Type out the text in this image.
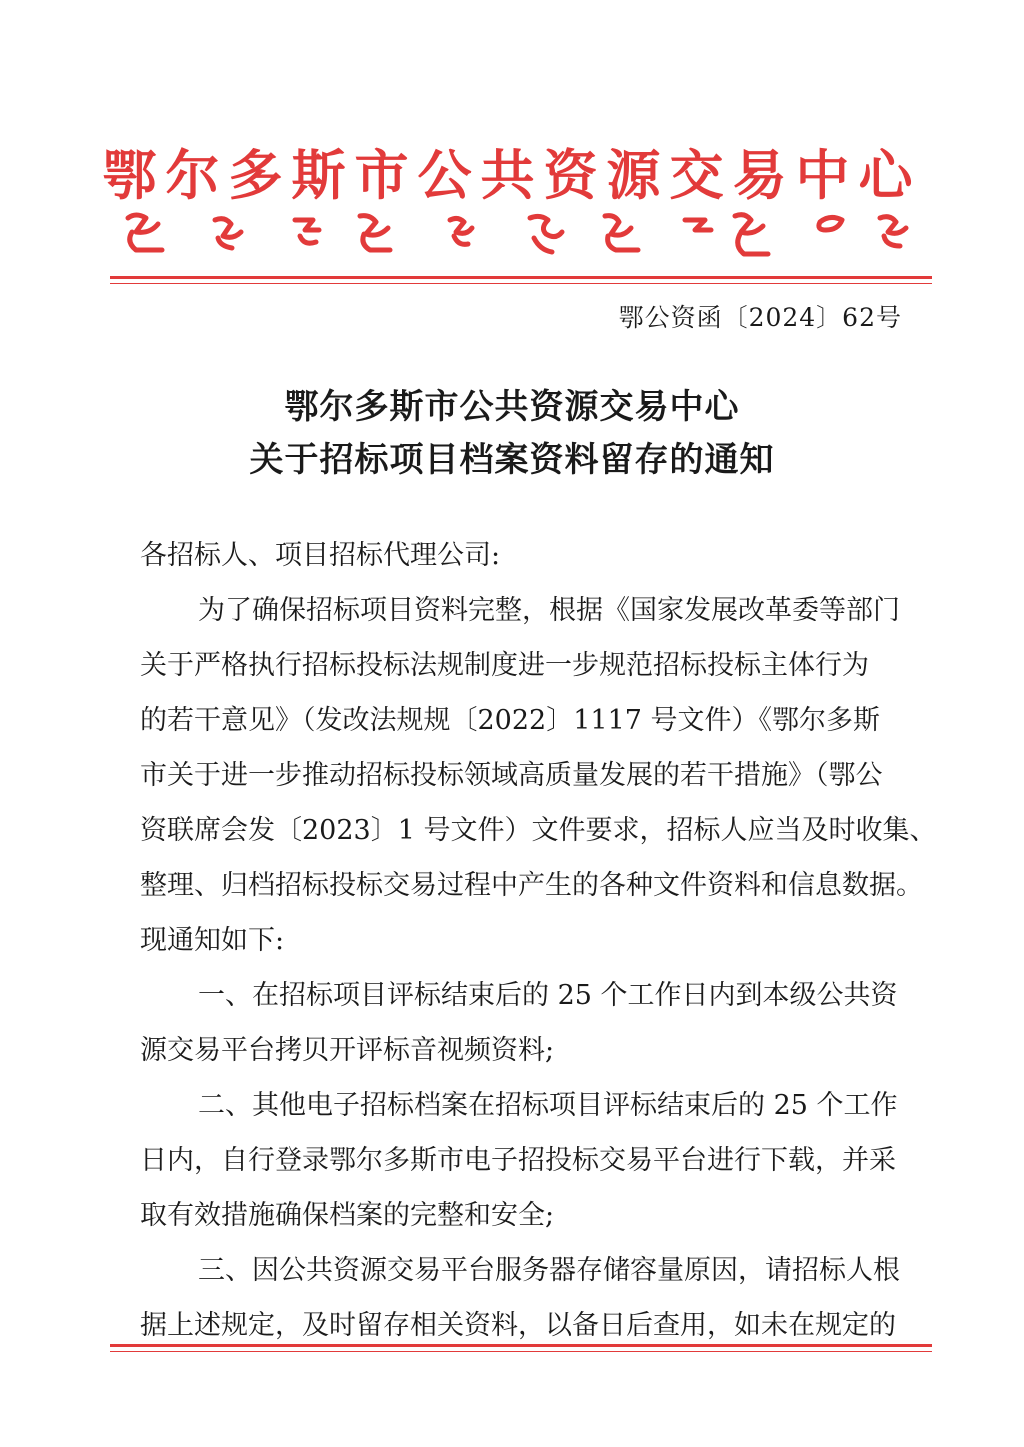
鄂尔多斯市公共资源交易中心
鄂公资函〔2024〕62号
鄂尔多斯市公共资源交易中心
关于招标项目档案资料留存的通知
各招标人、项目招标代理公司:
为了确保招标项目资料完整，根据《国家发展改革委等部门
关于严格执行招标投标法规制度进一步规范招标投标主体行为
的若干意见》（发改法规规〔2022〕1117 号文件）《鄂尔多斯
市关于进一步推动招标投标领域高质量发展的若干措施》（鄂公
资联席会发〔2023〕1 号文件）文件要求，招标人应当及时收集、
整理、归档招标投标交易过程中产生的各种文件资料和信息数据。
现通知如下:
一、在招标项目评标结束后的 25 个工作日内到本级公共资
源交易平台拷贝开评标音视频资料;
二、其他电子招标档案在招标项目评标结束后的 25 个工作
日内，自行登录鄂尔多斯市电子招投标交易平台进行下载，并采
取有效措施确保档案的完整和安全;
三、因公共资源交易平台服务器存储容量原因，请招标人根
据上述规定，及时留存相关资料，以备日后查用，如未在规定的
